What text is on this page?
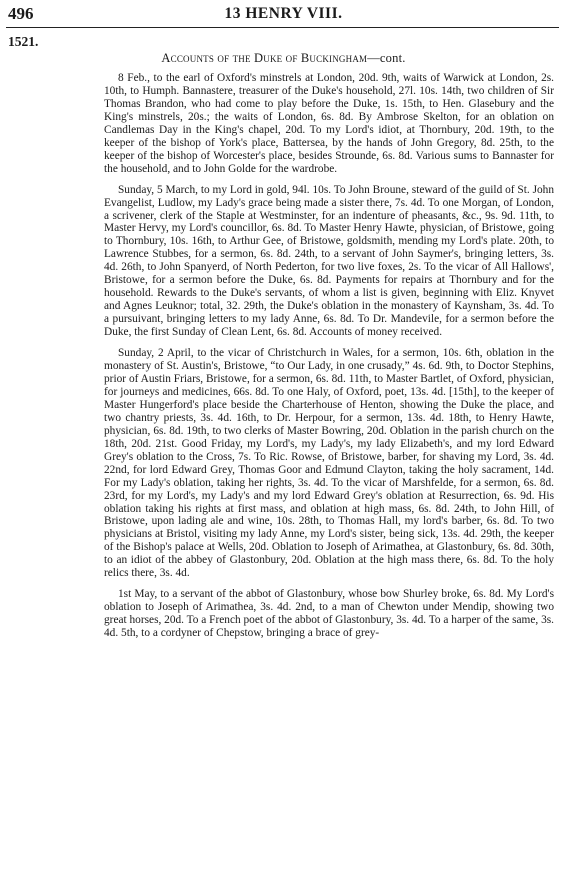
496	13 HENRY VIII.
1521.
Accounts of the Duke of Buckingham—cont.

8 Feb., to the earl of Oxford's minstrels at London, 20d. 9th, waits of Warwick at London, 2s. 10th, to Humph. Bannastere, treasurer of the Duke's household, 27l. 10s. 14th, two children of Sir Thomas Brandon, who had come to play before the Duke, 1s. 15th, to Hen. Glasebury and the King's minstrels, 20s.; the waits of London, 6s. 8d. By Ambrose Skelton, for an oblation on Candlemas Day in the King's chapel, 20d. To my Lord's idiot, at Thornbury, 20d. 19th, to the keeper of the bishop of York's place, Battersea, by the hands of John Gregory, 8d. 25th, to the keeper of the bishop of Worcester's place, besides Strounde, 6s. 8d. Various sums to Bannaster for the household, and to John Golde for the wardrobe.

Sunday, 5 March, to my Lord in gold, 94l. 10s. To John Broune, steward of the guild of St. John Evangelist, Ludlow, my Lady's grace being made a sister there, 7s. 4d. To one Morgan, of London, a scrivener, clerk of the Staple at Westminster, for an indenture of pheasants, &c., 9s. 9d. 11th, to Master Hervy, my Lord's councillor, 6s. 8d. To Master Henry Hawte, physician, of Bristowe, going to Thornbury, 10s. 16th, to Arthur Gee, of Bristowe, goldsmith, mending my Lord's plate. 20th, to Lawrence Stubbes, for a sermon, 6s. 8d. 24th, to a servant of John Saymer's, bringing letters, 3s. 4d. 26th, to John Spanyerd, of North Pederton, for two live foxes, 2s. To the vicar of All Hallows', Bristowe, for a sermon before the Duke, 6s. 8d. Payments for repairs at Thornbury and for the household. Rewards to the Duke's servants, of whom a list is given, beginning with Eliz. Knyvet and Agnes Leuknor; total, 32. 29th, the Duke's oblation in the monastery of Kaynsham, 3s. 4d. To a pursuivant, bringing letters to my lady Anne, 6s. 8d. To Dr. Mandevile, for a sermon before the Duke, the first Sunday of Clean Lent, 6s. 8d. Accounts of money received.

Sunday, 2 April, to the vicar of Christchurch in Wales, for a sermon, 10s. 6th, oblation in the monastery of St. Austin's, Bristowe, “to Our Lady, in one crusady,” 4s. 6d. 9th, to Doctor Stephins, prior of Austin Friars, Bristowe, for a sermon, 6s. 8d. 11th, to Master Bartlet, of Oxford, physician, for journeys and medicines, 66s. 8d. To one Haly, of Oxford, poet, 13s. 4d. [15th], to the keeper of Master Hungerford's place beside the Charterhouse of Henton, showing the Duke the place, and two chantry priests, 3s. 4d. 16th, to Dr. Herpour, for a sermon, 13s. 4d. 18th, to Henry Hawte, physician, 6s. 8d. 19th, to two clerks of Master Bowring, 20d. Oblation in the parish church on the 18th, 20d. 21st. Good Friday, my Lord's, my Lady's, my lady Elizabeth's, and my lord Edward Grey's oblation to the Cross, 7s. To Ric. Rowse, of Bristowe, barber, for shaving my Lord, 3s. 4d. 22nd, for lord Edward Grey, Thomas Goor and Edmund Clayton, taking the holy sacrament, 14d. For my Lady's oblation, taking her rights, 3s. 4d. To the vicar of Marshfelde, for a sermon, 6s. 8d. 23rd, for my Lord's, my Lady's and my lord Edward Grey's oblation at Resurrection, 6s. 9d. His oblation taking his rights at first mass, and oblation at high mass, 6s. 8d. 24th, to John Hill, of Bristowe, upon lading ale and wine, 10s. 28th, to Thomas Hall, my lord's barber, 6s. 8d. To two physicians at Bristol, visiting my lady Anne, my Lord's sister, being sick, 13s. 4d. 29th, the keeper of the Bishop's palace at Wells, 20d. Oblation to Joseph of Arimathea, at Glastonbury, 6s. 8d. 30th, to an idiot of the abbey of Glastonbury, 20d. Oblation at the high mass there, 6s. 8d. To the holy relics there, 3s. 4d.

1st May, to a servant of the abbot of Glastonbury, whose bow Shurley broke, 6s. 8d. My Lord's oblation to Joseph of Arimathea, 3s. 4d. 2nd, to a man of Chewton under Mendip, showing two great horses, 20d. To a French poet of the abbot of Glastonbury, 3s. 4d. To a harper of the same, 3s. 4d. 5th, to a cordyner of Chepstow, bringing a brace of grey-
